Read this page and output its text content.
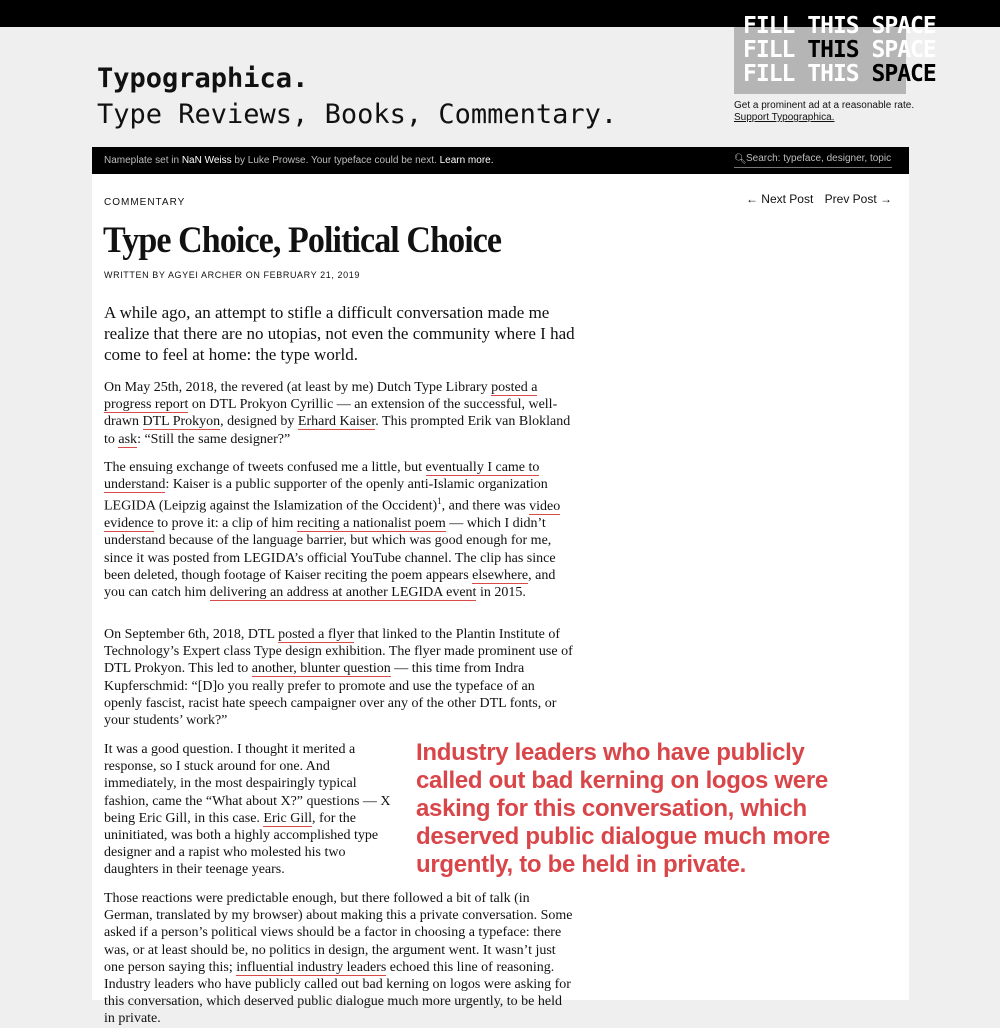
Typographica.
Type Reviews, Books, Commentary.
FILL THIS SPACE
FILL THIS SPACE
FILL THIS SPACE
Get a prominent ad at a reasonable rate.
Support Typographica.
Nameplate set in NaN Weiss by Luke Prowse. Your typeface could be next. Learn more.	🔍︎
Search: typeface, designer, topic
COMMENTARY	← Next Post Prev Post →
Type Choice, Political Choice
WRITTEN BY AGYEI ARCHER ON FEBRUARY 21, 2019

A while ago, an attempt to stifle a difficult conversation made me realize that there are no utopias, not even the community where I had come to feel at home: the type world.

On May 25th, 2018, the revered (at least by me) Dutch Type Library posted a progress report on DTL Prokyon Cyrillic — an extension of the successful, well-drawn DTL Prokyon, designed by Erhard Kaiser. This prompted Erik van Blokland to ask: “Still the same designer?”

The ensuing exchange of tweets confused me a little, but eventually I came to understand: Kaiser is a public supporter of the openly anti-Islamic organization LEGIDA (Leipzig against the Islamization of the Occident)$^1$, and there was video evidence to prove it: a clip of him reciting a nationalist poem — which I didn’t understand because of the language barrier, but which was good enough for me, since it was posted from LEGIDA’s official YouTube channel. The clip has since been deleted, though footage of Kaiser reciting the poem appears elsewhere, and you can catch him delivering an address at another LEGIDA event in 2015.

On September 6th, 2018, DTL posted a flyer that linked to the Plantin Institute of Technology’s Expert class Type design exhibition. The flyer made prominent use of DTL Prokyon. This led to another, blunter question — this time from Indra Kupferschmid: “[D]o you really prefer to promote and use the typeface of an openly fascist, racist hate speech campaigner over any of the other DTL fonts, or your students’ work?”

It was a good question. I thought it merited a response, so I stuck around for one. And immediately, in the most despairingly typical fashion, came the “What about X?” questions — X being Eric Gill, in this case. Eric Gill, for the uninitiated, was both a highly accomplished type designer and a rapist who molested his two daughters in their teenage years.

Industry leaders who have publicly called out bad kerning on logos were asking for this conversation, which deserved public dialogue much more urgently, to be held in private.

Those reactions were predictable enough, but there followed a bit of talk (in German, translated by my browser) about making this a private conversation. Some asked if a person’s political views should be a factor in choosing a typeface: there was, or at least should be, no politics in design, the argument went. It wasn’t just one person saying this; influential industry leaders echoed this line of reasoning. Industry leaders who have publicly called out bad kerning on logos were asking for this conversation, which deserved public dialogue much more urgently, to be held in private.
